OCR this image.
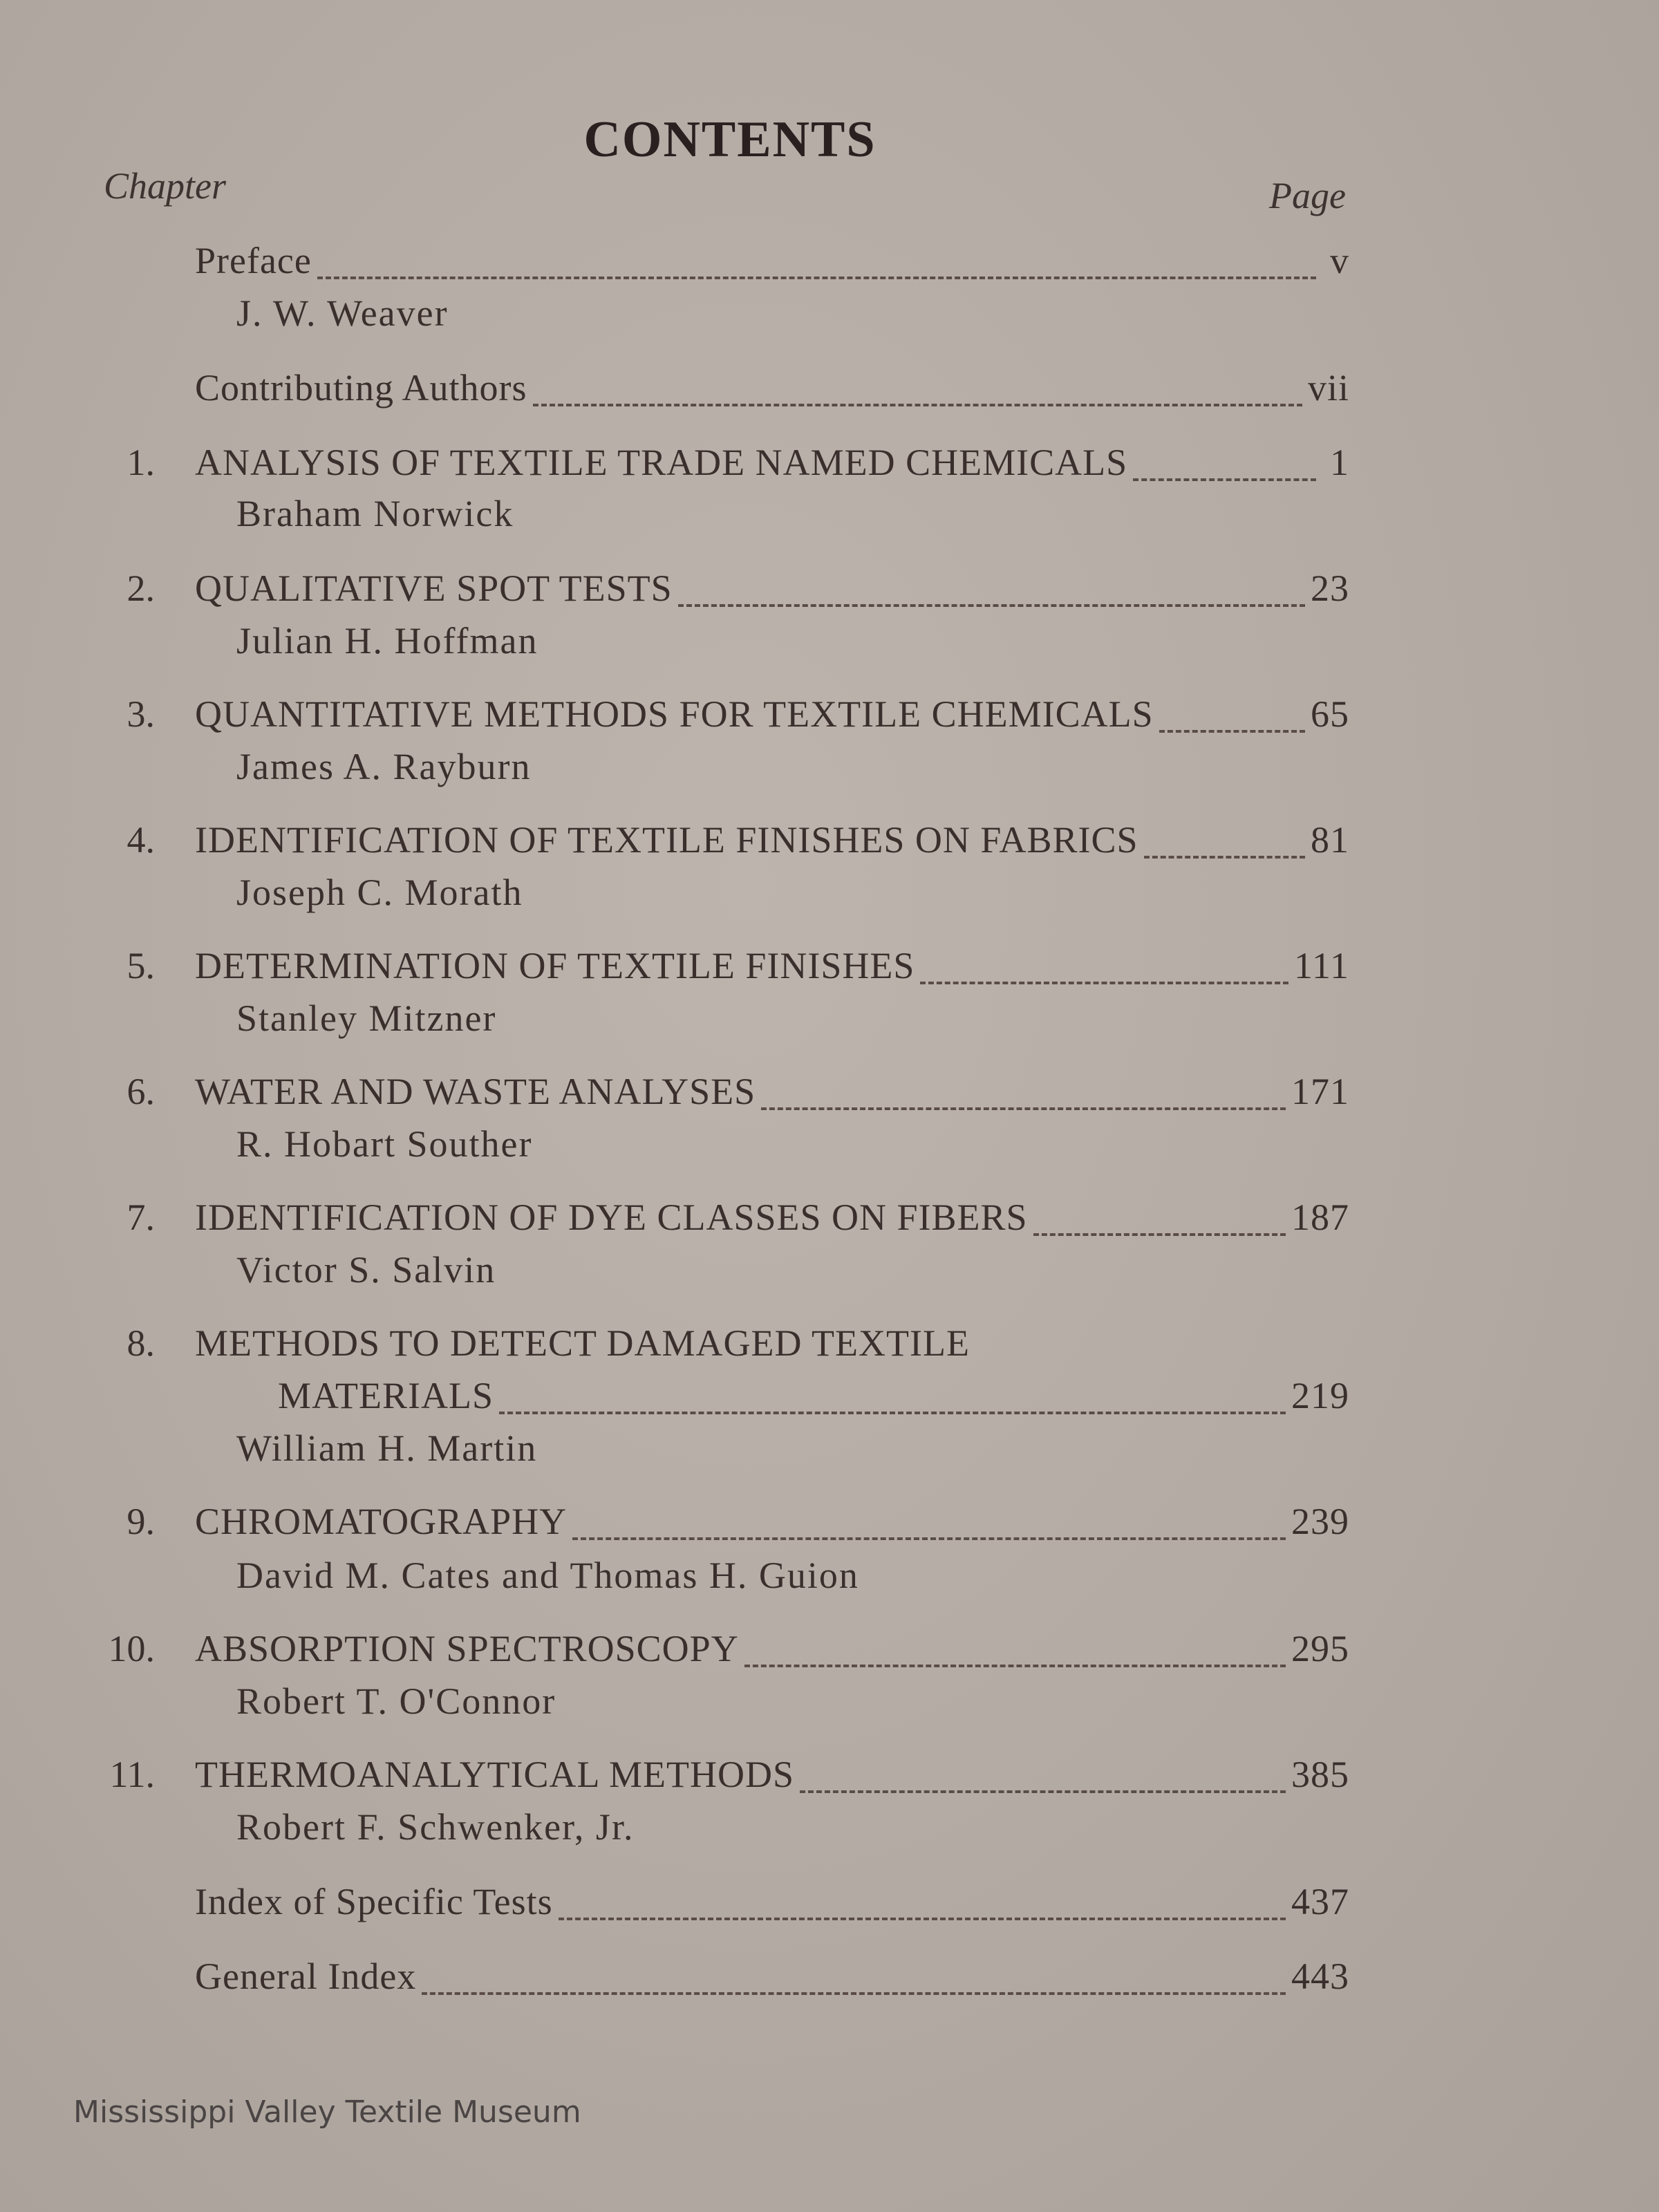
CONTENTS
Chapter	Page
Preface	v
J. W. Weaver
Contributing Authors	vii
1. ANALYSIS OF TEXTILE TRADE NAMED CHEMICALS	1
Braham Norwick
2. QUALITATIVE SPOT TESTS	23
Julian H. Hoffman
3. QUANTITATIVE METHODS FOR TEXTILE CHEMICALS	65
James A. Rayburn
4. IDENTIFICATION OF TEXTILE FINISHES ON FABRICS	81
Joseph C. Morath
5. DETERMINATION OF TEXTILE FINISHES	111
Stanley Mitzner
6. WATER AND WASTE ANALYSES	171
R. Hobart Souther
7. IDENTIFICATION OF DYE CLASSES ON FIBERS	187
Victor S. Salvin
8. METHODS TO DETECT DAMAGED TEXTILE
MATERIALS	219
William H. Martin
9. CHROMATOGRAPHY	239
David M. Cates and Thomas H. Guion
10. ABSORPTION SPECTROSCOPY	295
Robert T. O'Connor
11. THERMOANALYTICAL METHODS	385
Robert F. Schwenker, Jr.
Index of Specific Tests	437
General Index	443
Mississippi Valley Textile Museum
